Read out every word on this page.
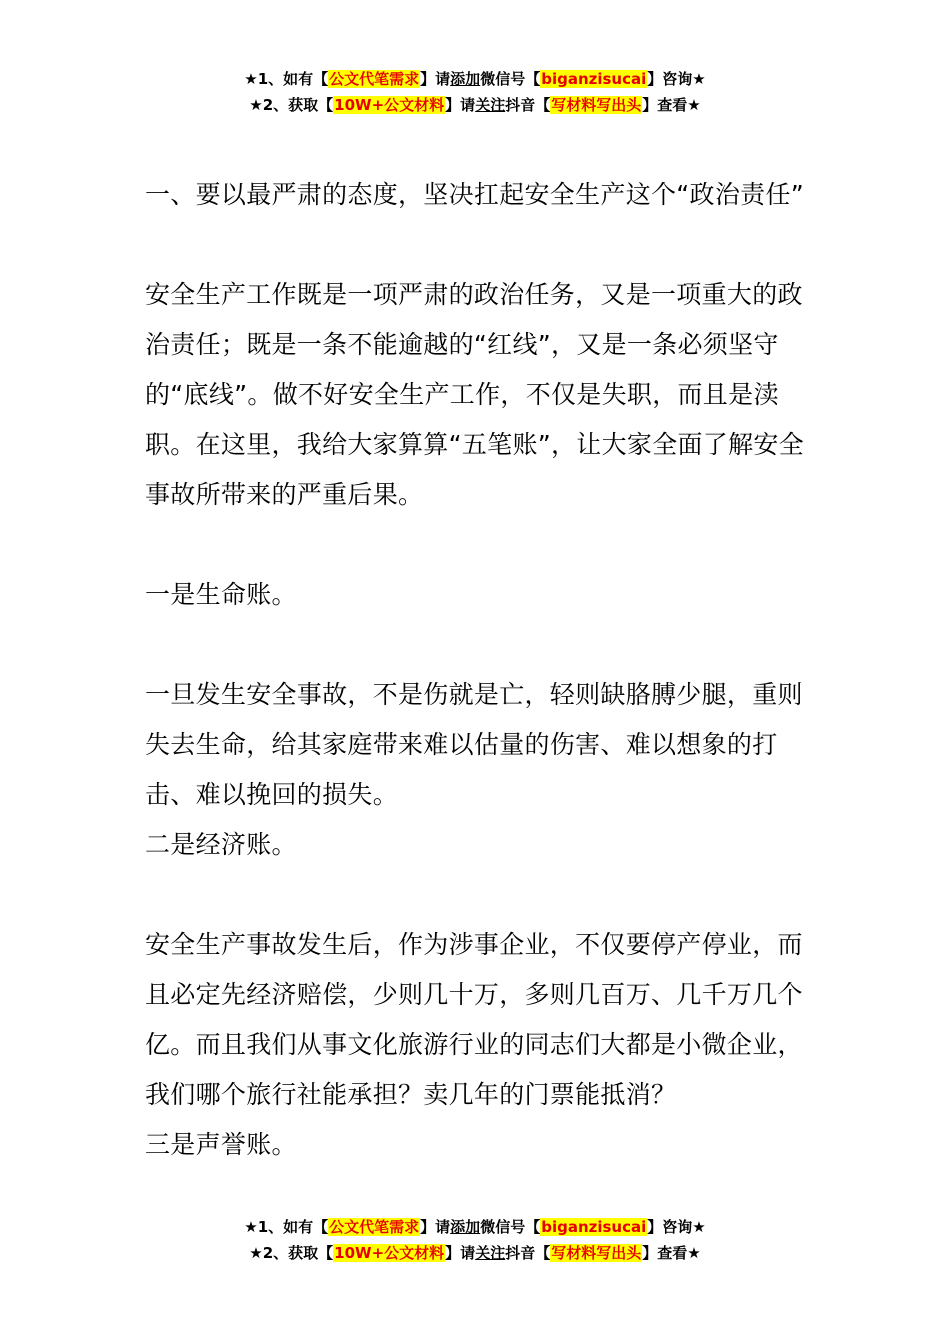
★1、如有【公文代笔需求】请添加微信号【biganzisucai】咨询★
★2、获取【10W+公文材料】请关注抖音【写材料写出头】查看★

一、要以最严肃的态度，坚决扛起安全生产这个“政治责任”

安全生产工作既是一项严肃的政治任务，又是一项重大的政治责任；既是一条不能逾越的“红线”，又是一条必须坚守的“底线”。做不好安全生产工作，不仅是失职，而且是渎职。在这里，我给大家算算“五笔账”，让大家全面了解安全事故所带来的严重后果。

一是生命账。

一旦发生安全事故，不是伤就是亡，轻则缺胳膊少腿，重则失去生命，给其家庭带来难以估量的伤害、难以想象的打击、难以挽回的损失。

二是经济账。

安全生产事故发生后，作为涉事企业，不仅要停产停业，而且必定先经济赔偿，少则几十万，多则几百万、几千万几个亿。而且我们从事文化旅游行业的同志们大都是小微企业，我们哪个旅行社能承担？卖几年的门票能抵消？

三是声誉账。

★1、如有【公文代笔需求】请添加微信号【biganzisucai】咨询★
★2、获取【10W+公文材料】请关注抖音【写材料写出头】查看★
